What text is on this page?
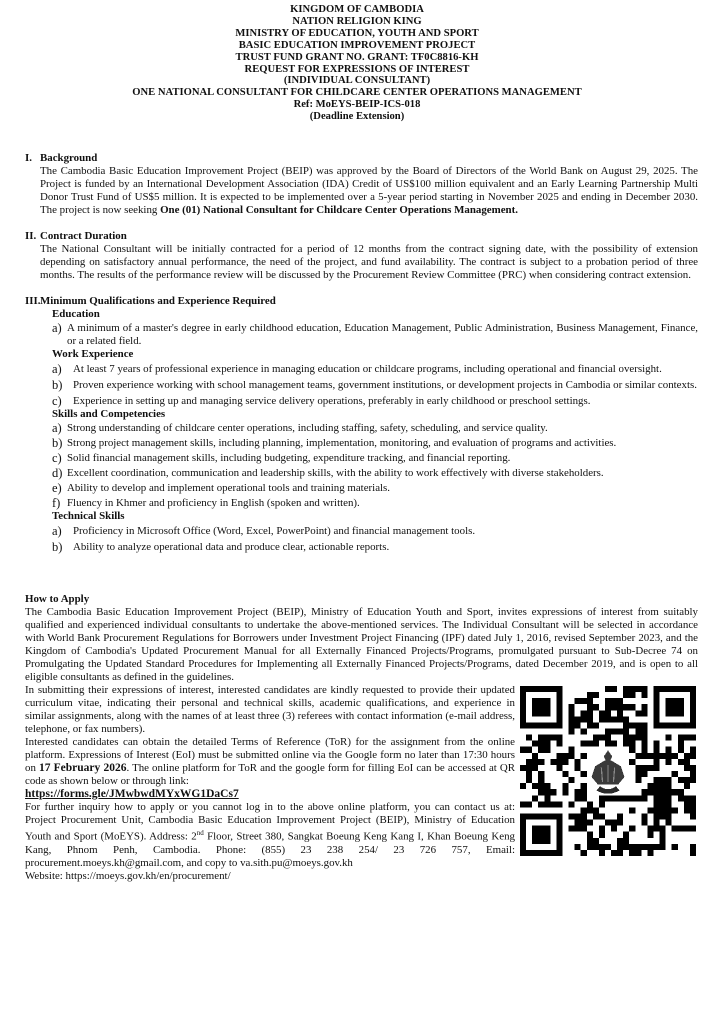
KINGDOM OF CAMBODIA
NATION RELIGION KING
MINISTRY OF EDUCATION, YOUTH AND SPORT
BASIC EDUCATION IMPROVEMENT PROJECT
TRUST FUND GRANT NO. GRANT: TF0C8816-KH
REQUEST FOR EXPRESSIONS OF INTEREST
(INDIVIDUAL CONSULTANT)
ONE NATIONAL CONSULTANT FOR CHILDCARE CENTER OPERATIONS MANAGEMENT
Ref: MoEYS-BEIP-ICS-018
(Deadline Extension)
I. Background
The Cambodia Basic Education Improvement Project (BEIP) was approved by the Board of Directors of the World Bank on August 29, 2025. The Project is funded by an International Development Association (IDA) Credit of US$100 million equivalent and an Early Learning Partnership Multi Donor Trust Fund of US$5 million. It is expected to be implemented over a 5-year period starting in November 2025 and ending in December 2030. The project is now seeking One (01) National Consultant for Childcare Center Operations Management.
II. Contract Duration
The National Consultant will be initially contracted for a period of 12 months from the contract signing date, with the possibility of extension depending on satisfactory annual performance, the need of the project, and fund availability. The contract is subject to a probation period of three months. The results of the performance review will be discussed by the Procurement Review Committee (PRC) when considering contract extension.
III. Minimum Qualifications and Experience Required
Education
a) A minimum of a master's degree in early childhood education, Education Management, Public Administration, Business Management, Finance, or a related field.
Work Experience
a)	At least 7 years of professional experience in managing education or childcare programs, including operational and financial oversight.
b) Proven experience working with school management teams, government institutions, or development projects in Cambodia or similar contexts.
c)	Experience in setting up and managing service delivery operations, preferably in early childhood or preschool settings.
Skills and Competencies
a) Strong understanding of childcare center operations, including staffing, safety, scheduling, and service quality.
b) Strong project management skills, including planning, implementation, monitoring, and evaluation of programs and activities.
c) Solid financial management skills, including budgeting, expenditure tracking, and financial reporting.
d) Excellent coordination, communication and leadership skills, with the ability to work effectively with diverse stakeholders.
e) Ability to develop and implement operational tools and training materials.
f) Fluency in Khmer and proficiency in English (spoken and written).
Technical Skills
a)	Proficiency in Microsoft Office (Word, Excel, PowerPoint) and financial management tools.
b) Ability to analyze operational data and produce clear, actionable reports.
How to Apply
The Cambodia Basic Education Improvement Project (BEIP), Ministry of Education Youth and Sport, invites expressions of interest from suitably qualified and experienced individual consultants to undertake the above-mentioned services. The Individual Consultant will be selected in accordance with World Bank Procurement Regulations for Borrowers under Investment Project Financing (IPF) dated July 1, 2016, revised September 2023, and the Kingdom of Cambodia's Updated Procurement Manual for all Externally Financed Projects/Programs, promulgated pursuant to Sub-Decree 74 on Promulgating the Updated Standard Procedures for Implementing all Externally Financed Projects/Programs, dated December 2019, and is open to all eligible consultants as defined in the guidelines.
In submitting their expressions of interest, interested candidates are kindly requested to provide their updated curriculum vitae, indicating their personal and technical skills, academic qualifications, and experience in similar assignments, along with the names of at least three (3) referees with contact information (e-mail address, telephone, or fax numbers).
Interested candidates can obtain the detailed Terms of Reference (ToR) for the assignment from the online platform. Expressions of Interest (EoI) must be submitted online via the Google form no later than 17:30 hours on 17 February 2026. The online platform for ToR and the google form for filling EoI can be accessed at QR code as shown below or through link:
https://forms.gle/JMwbwdMYxWG1DaCs7
For further inquiry how to apply or you cannot log in to the above online platform, you can contact us at: Project Procurement Unit, Cambodia Basic Education Improvement Project (BEIP), Ministry of Education Youth and Sport (MoEYS). Address: 2nd Floor, Street 380, Sangkat Boeung Keng Kang I, Khan Boeung Keng Kang, Phnom Penh, Cambodia. Phone: (855) 23 238 254/ 23 726 757, Email: procurement.moeys.kh@gmail.com, and copy to va.sith.pu@moeys.gov.kh
Website: https://moeys.gov.kh/en/procurement/
